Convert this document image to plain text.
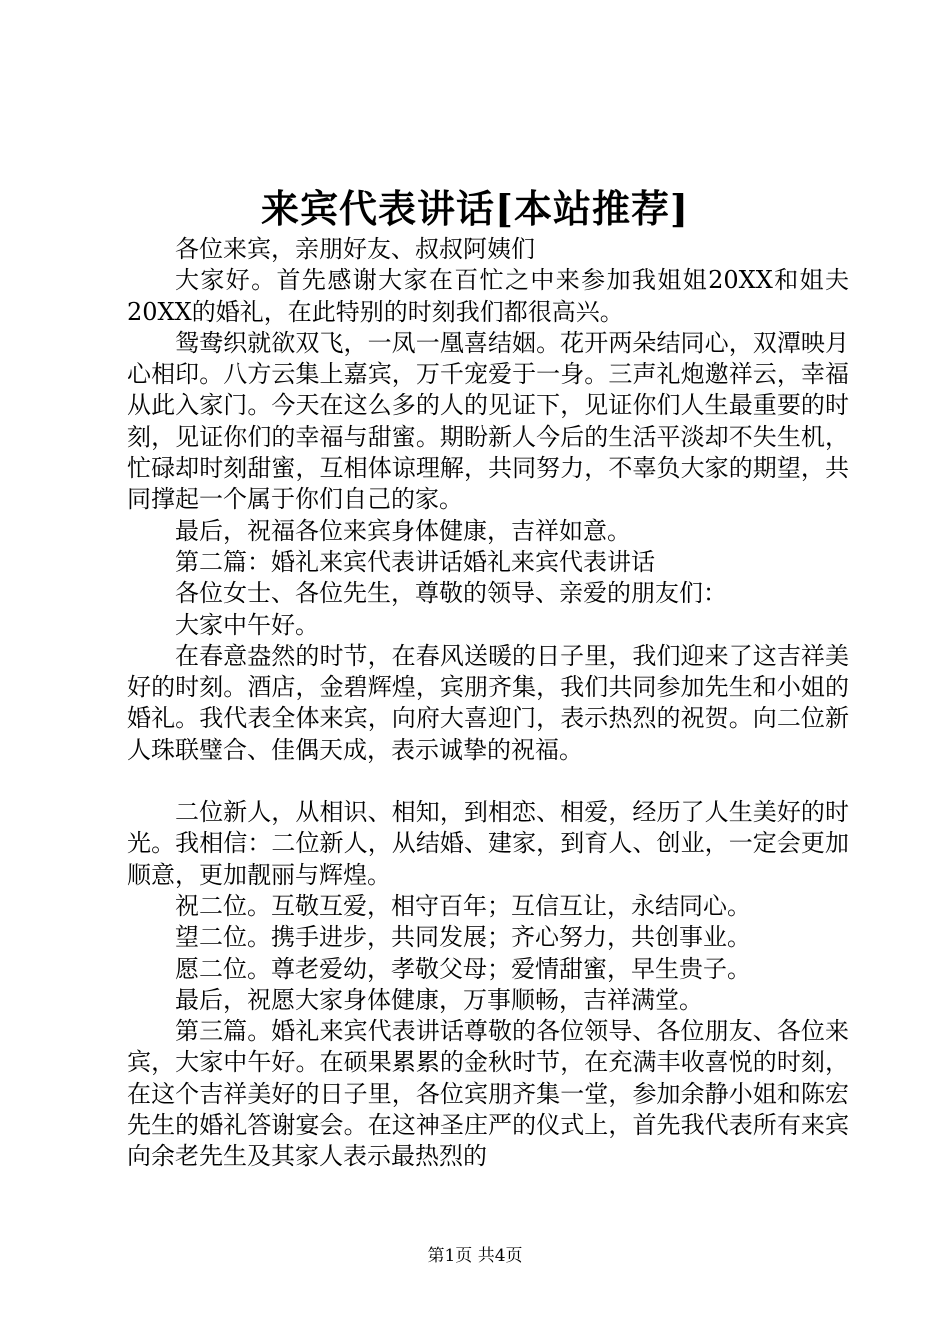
来宾代表讲话[本站推荐]

各位来宾，亲朋好友、叔叔阿姨们

大家好。首先感谢大家在百忙之中来参加我姐姐20XX和姐夫20XX的婚礼，在此特别的时刻我们都很高兴。

鸳鸯织就欲双飞，一凤一凰喜结姻。花开两朵结同心，双潭映月心相印。八方云集上嘉宾，万千宠爱于一身。三声礼炮邀祥云，幸福从此入家门。今天在这么多的人的见证下，见证你们人生最重要的时刻，见证你们的幸福与甜蜜。期盼新人今后的生活平淡却不失生机，忙碌却时刻甜蜜，互相体谅理解，共同努力，不辜负大家的期望，共同撑起一个属于你们自己的家。

最后，祝福各位来宾身体健康，吉祥如意。

第二篇：婚礼来宾代表讲话婚礼来宾代表讲话

各位女士、各位先生，尊敬的领导、亲爱的朋友们：

大家中午好。

在春意盎然的时节，在春风送暖的日子里，我们迎来了这吉祥美好的时刻。酒店，金碧辉煌，宾朋齐集，我们共同参加先生和小姐的婚礼。我代表全体来宾，向府大喜迎门，表示热烈的祝贺。向二位新人珠联璧合、佳偶天成，表示诚挚的祝福。

二位新人，从相识、相知，到相恋、相爱，经历了人生美好的时光。我相信：二位新人，从结婚、建家，到育人、创业，一定会更加顺意，更加靓丽与辉煌。

祝二位。互敬互爱，相守百年；互信互让，永结同心。

望二位。携手进步，共同发展；齐心努力，共创事业。

愿二位。尊老爱幼，孝敬父母；爱情甜蜜，早生贵子。

最后，祝愿大家身体健康，万事顺畅，吉祥满堂。

第三篇。婚礼来宾代表讲话尊敬的各位领导、各位朋友、各位来宾，大家中午好。在硕果累累的金秋时节，在充满丰收喜悦的时刻，在这个吉祥美好的日子里，各位宾朋齐集一堂，参加余静小姐和陈宏先生的婚礼答谢宴会。在这神圣庄严的仪式上，首先我代表所有来宾向余老先生及其家人表示最热烈的

第1页 共4页
